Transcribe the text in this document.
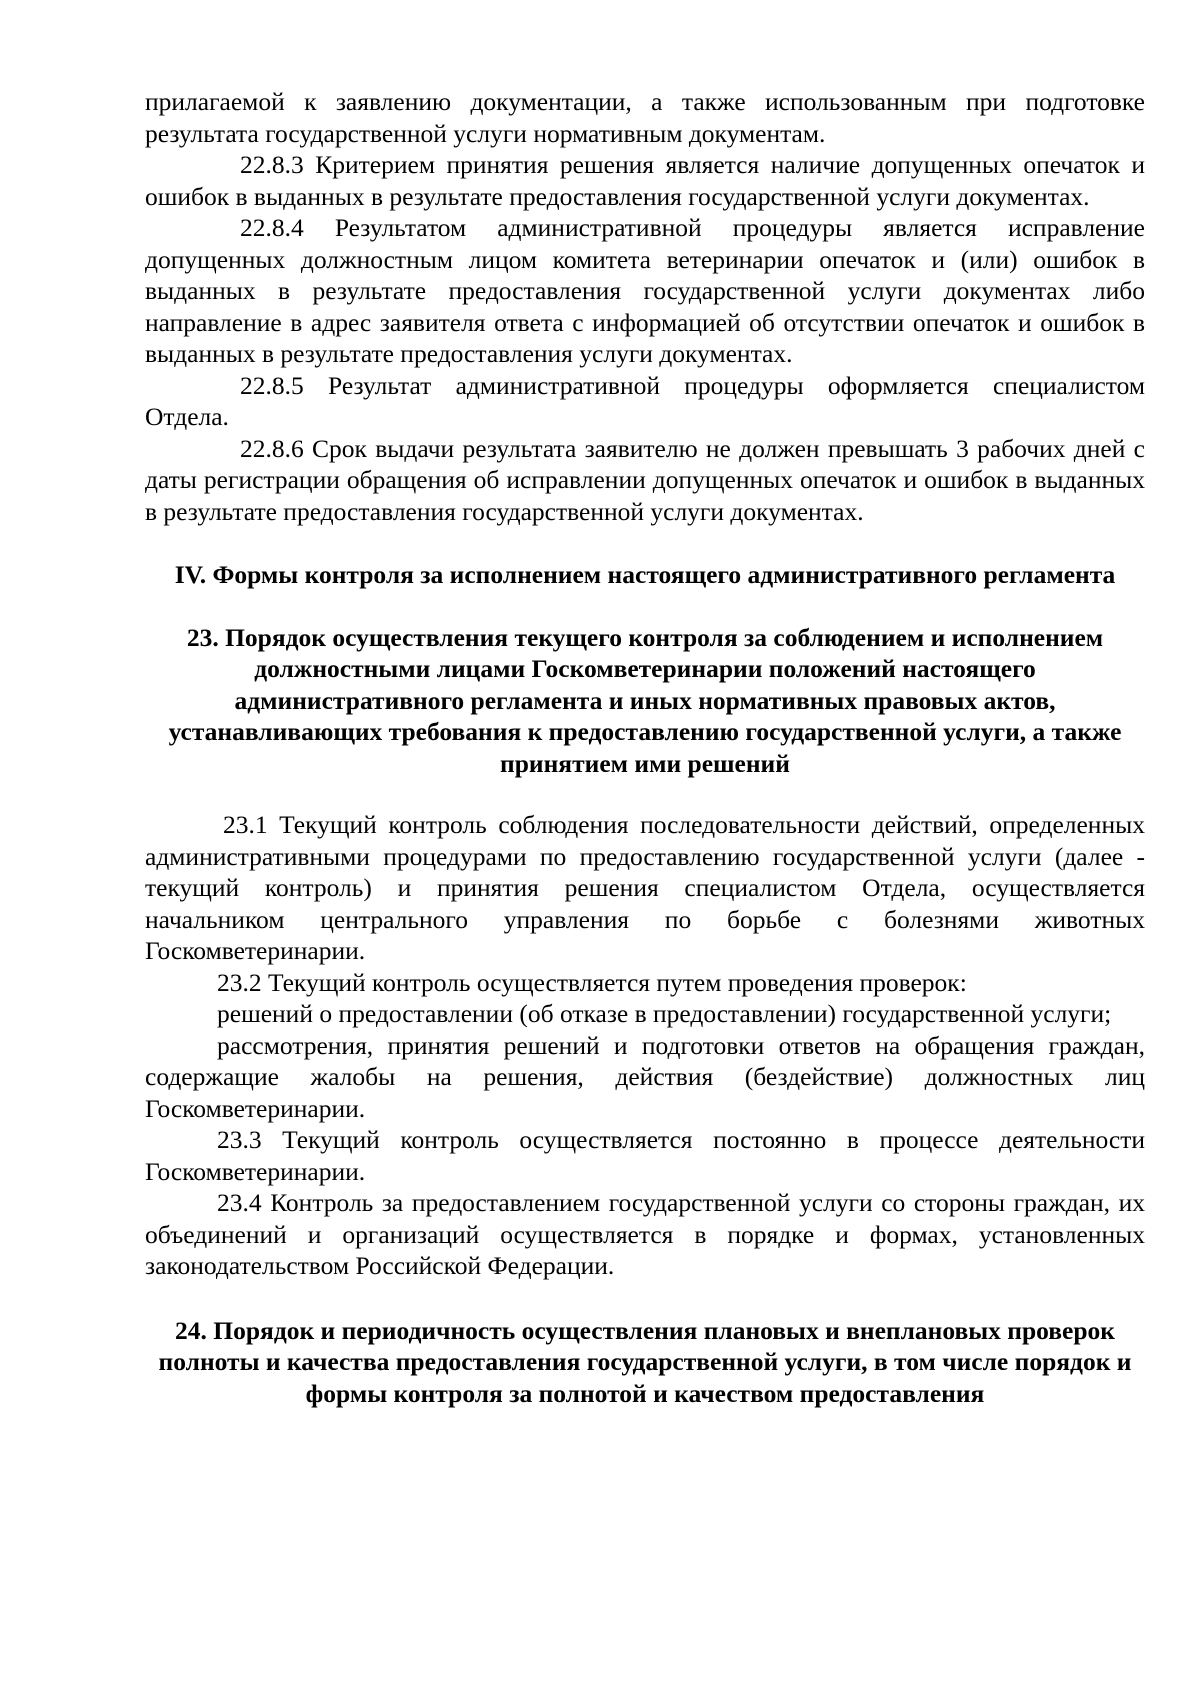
прилагаемой к заявлению документации, а также использованным при подготовке результата государственной услуги нормативным документам.

22.8.3 Критерием принятия решения является наличие допущенных опечаток и ошибок в выданных в результате предоставления государственной услуги документах.

22.8.4 Результатом административной процедуры является исправление допущенных должностным лицом комитета ветеринарии опечаток и (или) ошибок в выданных в результате предоставления государственной услуги документах либо направление в адрес заявителя ответа с информацией об отсутствии опечаток и ошибок в выданных в результате предоставления услуги документах.

22.8.5 Результат административной процедуры оформляется специалистом Отдела.

22.8.6 Срок выдачи результата заявителю не должен превышать 3 рабочих дней с даты регистрации обращения об исправлении допущенных опечаток и ошибок в выданных в результате предоставления государственной услуги документах.

IV. Формы контроля за исполнением настоящего административного регламента
23. Порядок осуществления текущего контроля за соблюдением и исполнением должностными лицами Госкомветеринарии положений настоящего административного регламента и иных нормативных правовых актов, устанавливающих требования к предоставлению государственной услуги, а также принятием ими решений

23.1 Текущий контроль соблюдения последовательности действий, определенных административными процедурами по предоставлению государственной услуги (далее - текущий контроль) и принятия решения специалистом Отдела, осуществляется начальником центрального управления по борьбе с болезнями животных Госкомветеринарии.

23.2 Текущий контроль осуществляется путем проведения проверок:

решений о предоставлении (об отказе в предоставлении) государственной услуги;

рассмотрения, принятия решений и подготовки ответов на обращения граждан, содержащие жалобы на решения, действия (бездействие) должностных лиц Госкомветеринарии.

23.3 Текущий контроль осуществляется постоянно в процессе деятельности Госкомветеринарии.

23.4 Контроль за предоставлением государственной услуги со стороны граждан, их объединений и организаций осуществляется в порядке и формах, установленных законодательством Российской Федерации.

24. Порядок и периодичность осуществления плановых и внеплановых проверок полноты и качества предоставления государственной услуги, в том числе порядок и формы контроля за полнотой и качеством предоставления
